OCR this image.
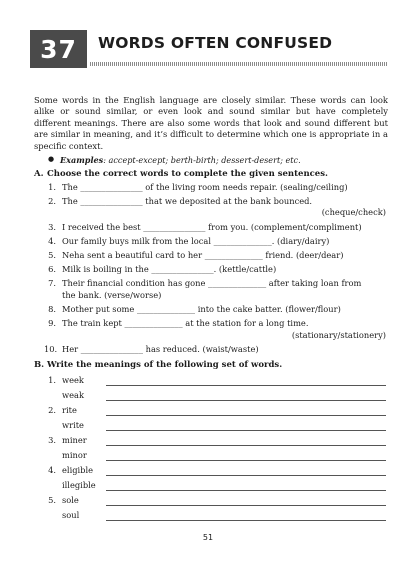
37 WORDS OFTEN CONFUSED

Some words in the English language are closely similar. These words can look alike or sound similar, or even look and sound similar but have completely different meanings. There are also some words that look and sound different but are similar in meaning, and it’s difficult to determine which one is appropriate in a specific context.

● Examples: accept-except; berth-birth; dessert-desert; etc.
A. Choose the correct words to complete the given sentences.
1. The _______________ of the living room needs repair. (sealing/ceiling)
2. The _______________ that we deposited at the bank bounced.
(cheque/check)
3. I received the best _______________ from you. (complement/compliment)
4. Our family buys milk from the local ______________. (diary/dairy)
5. Neha sent a beautiful card to her ______________ friend. (deer/dear)
6. Milk is boiling in the _______________. (kettle/cattle)
7. Their financial condition has gone ______________ after taking loan from
the bank. (verse/worse)
8. Mother put some ______________ into the cake batter. (flower/flour)
9. The train kept ______________ at the station for a long time.
(stationary/stationery)
10. Her _______________ has reduced. (waist/waste)
B. Write the meanings of the following set of words.
1. week
weak
2. rite
write
3. miner
minor
4. eligible
illegible
5. sole
soul
51
